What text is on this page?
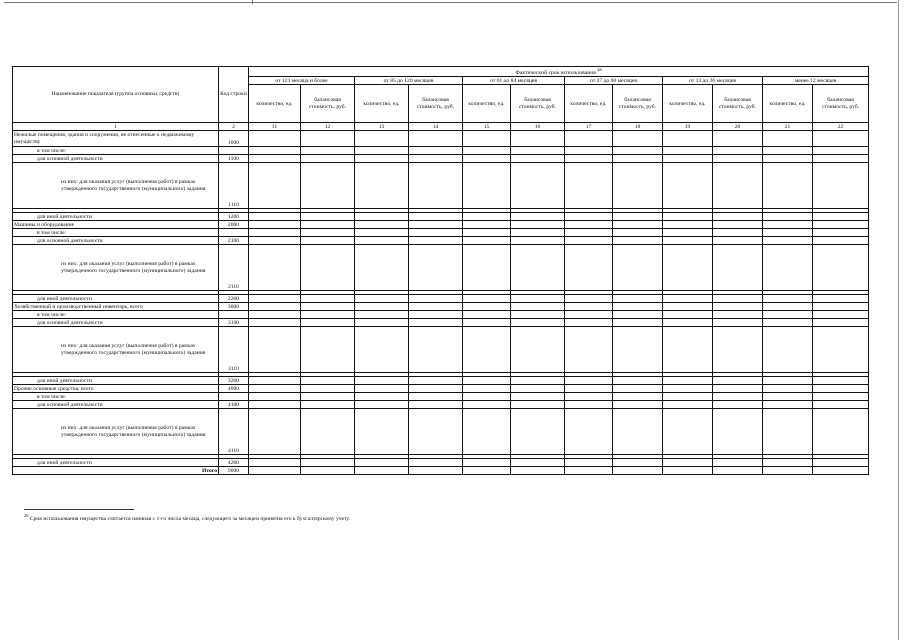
Наименование показателя (группа основных средств)	Код строки	Фактический срок использования $^{26}$
		от 121 месяца и более		от 85 до 120 месяцев		от 61 до 84 месяцев		от 37 до 60 месяцев		от 13 до 36 месяцев		менее 12 месяцев	
		количество, ед.	балансовая стоимость, руб.	количество, ед.	балансовая стоимость, руб.	количество, ед.	балансовая стоимость, руб.	количество, ед.	балансовая стоимость, руб.	количество, ед.	балансовая стоимость, руб.	количество, ед.	балансовая стоимость, руб.
1	2	11	12	13	14	15	16	17	18	19	20	21	22
Нежилые помещения, здания и сооружения, не отнесенные к недвижимому имуществу	1000												
в том числе:													
для основной деятельности	1100												
из них: для оказания услуг (выполнения работ) в рамках утвержденного государственного (муниципального) задания	1110												

для иной деятельности	1200												
Машины и оборудование	2000												
в том числе:													
для основной деятельности	2100												
из них: для оказания услуг (выполнения работ) в рамках утвержденного государственного (муниципального) задания	2110												

для иной деятельности	2200												
Хозяйственный и производственный инвентарь, всего	3000												
в том числе:													
для основной деятельности	3100												
из них: для оказания услуг (выполнения работ) в рамках утвержденного государственного (муниципального) задания	3110												

для иной деятельности	3200												
Прочие основные средства, всего	4000												
в том числе:													
для основной деятельности	4100												
из них: для оказания услуг (выполнения работ) в рамках утвержденного государственного (муниципального) задания	4110												

для иной деятельности	4200												
Итого	9000												
$^{26}$ Срок использования имущества считается начиная с 1-го числа месяца, следующего за месяцем принятия его к бухгалтерскому учету.
